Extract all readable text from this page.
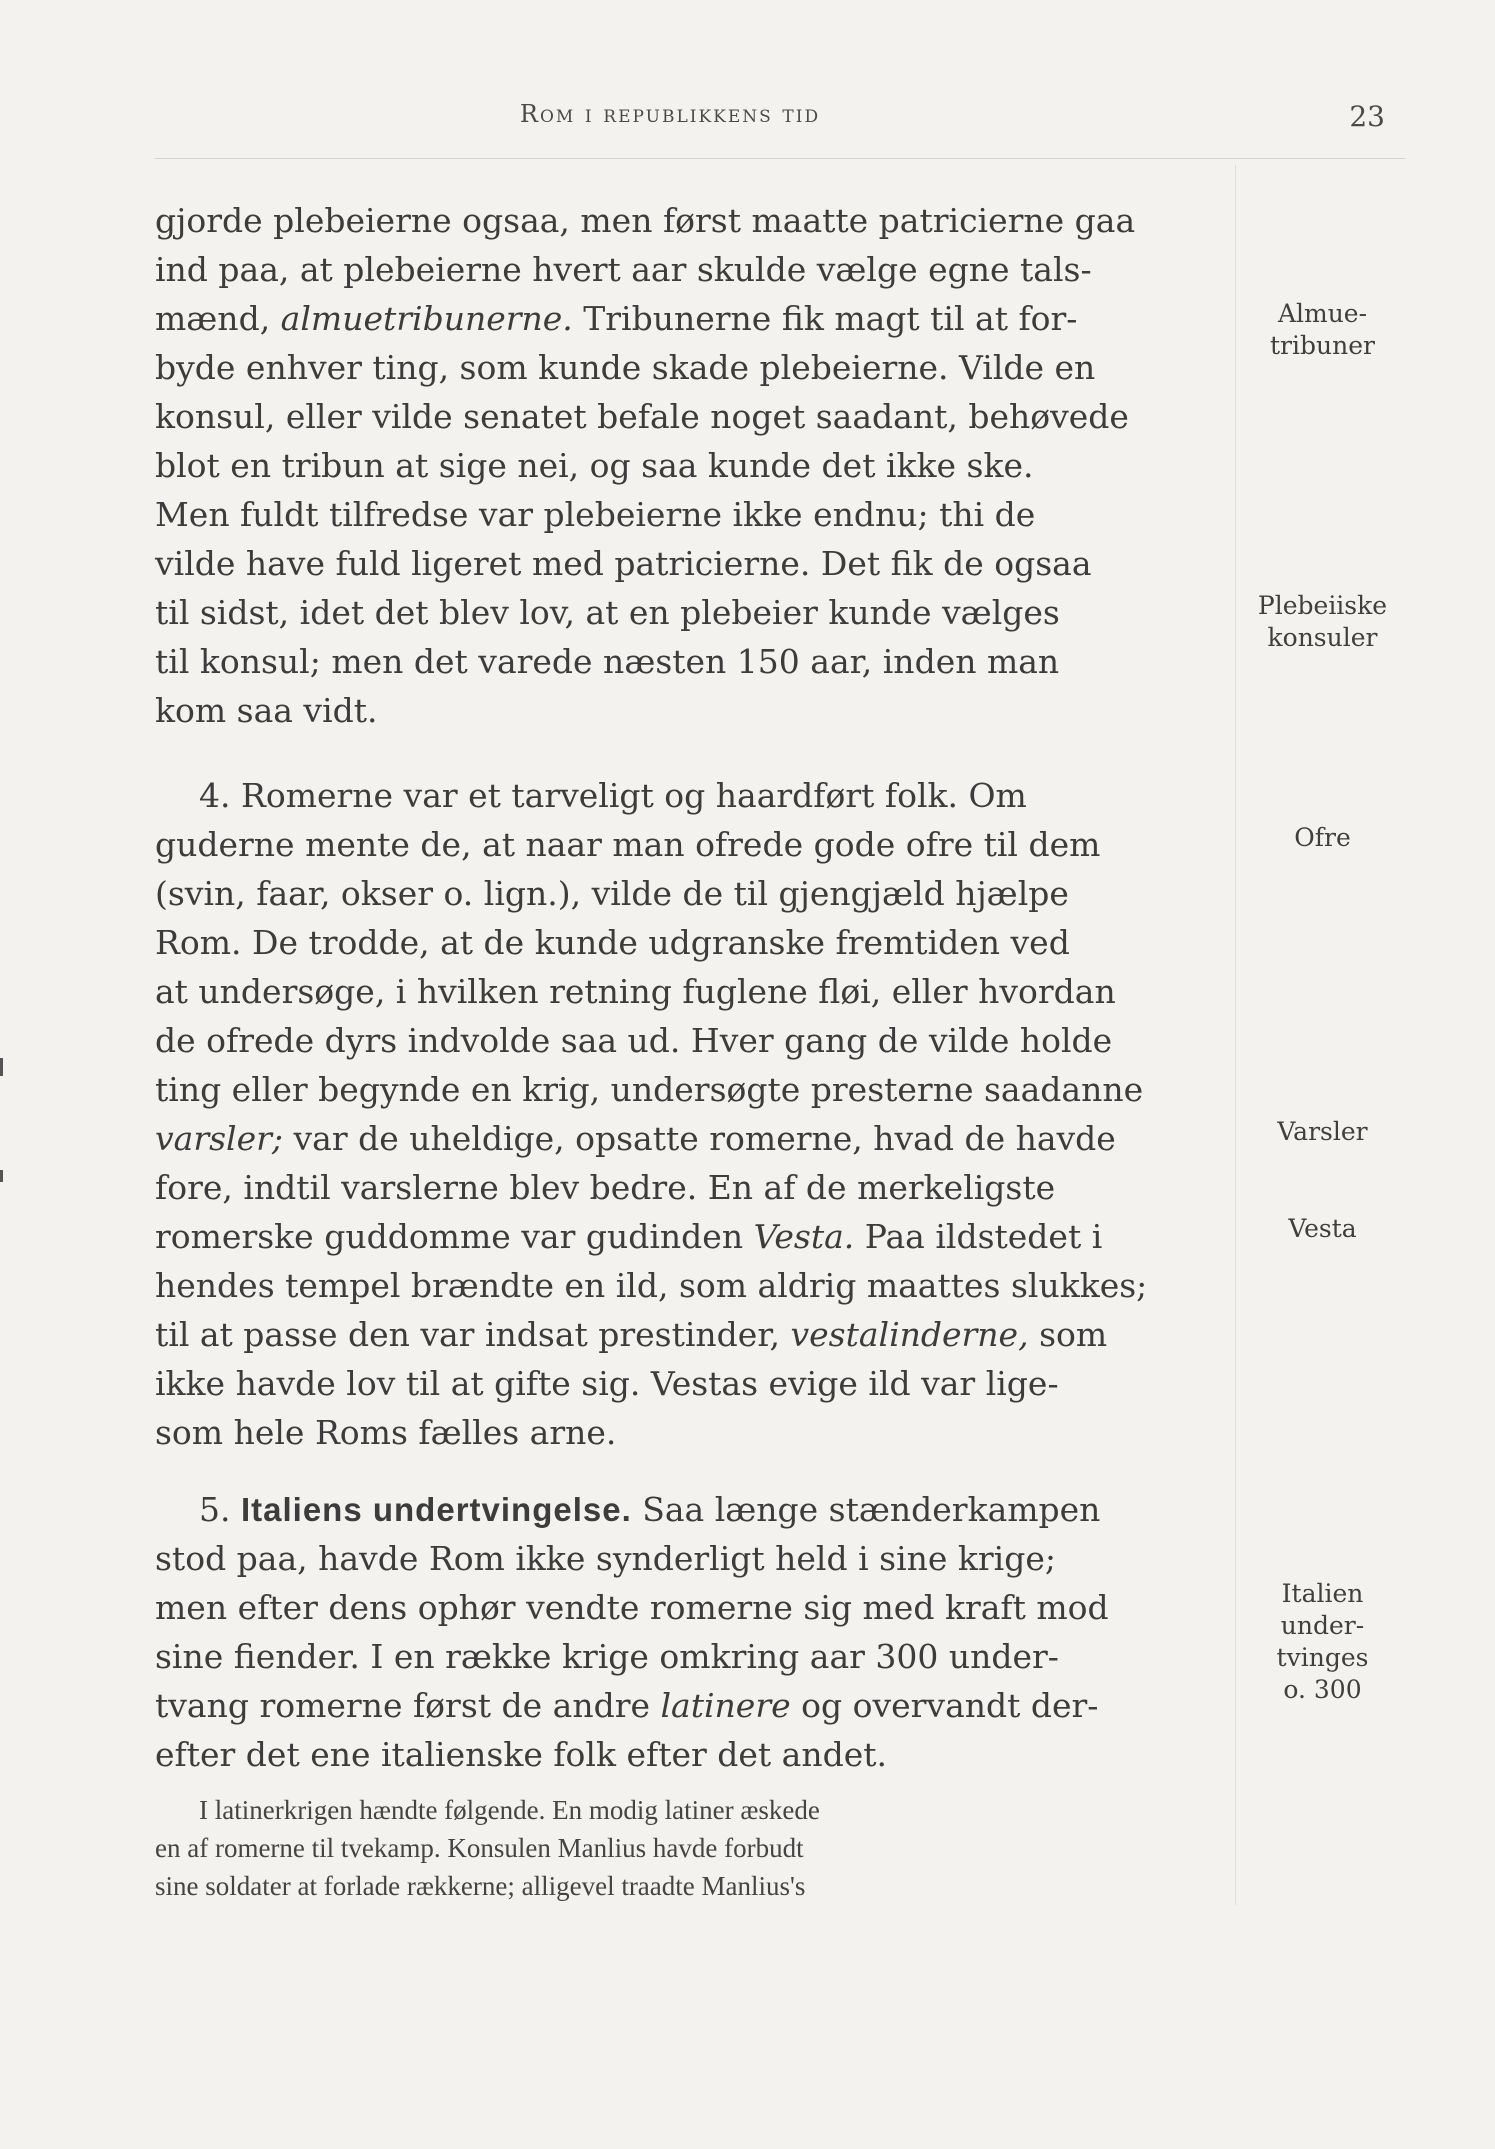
Rom i republikkens tid	23
gjorde plebeierne ogsaa, men først maatte patricierne gaa
ind paa, at plebeierne hvert aar skulde vælge egne tals-
mænd, almuetribunerne. Tribunerne fik magt til at for-
byde enhver ting, som kunde skade plebeierne. Vilde en
konsul, eller vilde senatet befale noget saadant, behøvede
blot en tribun at sige nei, og saa kunde det ikke ske.
Men fuldt tilfredse var plebeierne ikke endnu; thi de
vilde have fuld ligeret med patricierne. Det fik de ogsaa
til sidst, idet det blev lov, at en plebeier kunde vælges
til konsul; men det varede næsten 150 aar, inden man
kom saa vidt.
4. Romerne var et tarveligt og haardført folk. Om
guderne mente de, at naar man ofrede gode ofre til dem
(svin, faar, okser o. lign.), vilde de til gjengjæld hjælpe
Rom. De trodde, at de kunde udgranske fremtiden ved
at undersøge, i hvilken retning fuglene fløi, eller hvordan
de ofrede dyrs indvolde saa ud. Hver gang de vilde holde
ting eller begynde en krig, undersøgte presterne saadanne
varsler; var de uheldige, opsatte romerne, hvad de havde
fore, indtil varslerne blev bedre. En af de merkeligste
romerske guddomme var gudinden Vesta. Paa ildstedet i
hendes tempel brændte en ild, som aldrig maattes slukkes;
til at passe den var indsat prestinder, vestalinderne, som
ikke havde lov til at gifte sig. Vestas evige ild var lige-
som hele Roms fælles arne.
5. Italiens undertvingelse. Saa længe stænderkampen
stod paa, havde Rom ikke synderligt held i sine krige;
men efter dens ophør vendte romerne sig med kraft mod
sine fiender. I en række krige omkring aar 300 under-
tvang romerne først de andre latinere og overvandt der-
efter det ene italienske folk efter det andet.
I latinerkrigen hændte følgende. En modig latiner æskede
en af romerne til tvekamp. Konsulen Manlius havde forbudt
sine soldater at forlade rækkerne; alligevel traadte Manlius's
Almue-
tribuner
Plebeiiske
konsuler
Ofre
Varsler
Vesta
Italien
under-
tvinges
o. 300
